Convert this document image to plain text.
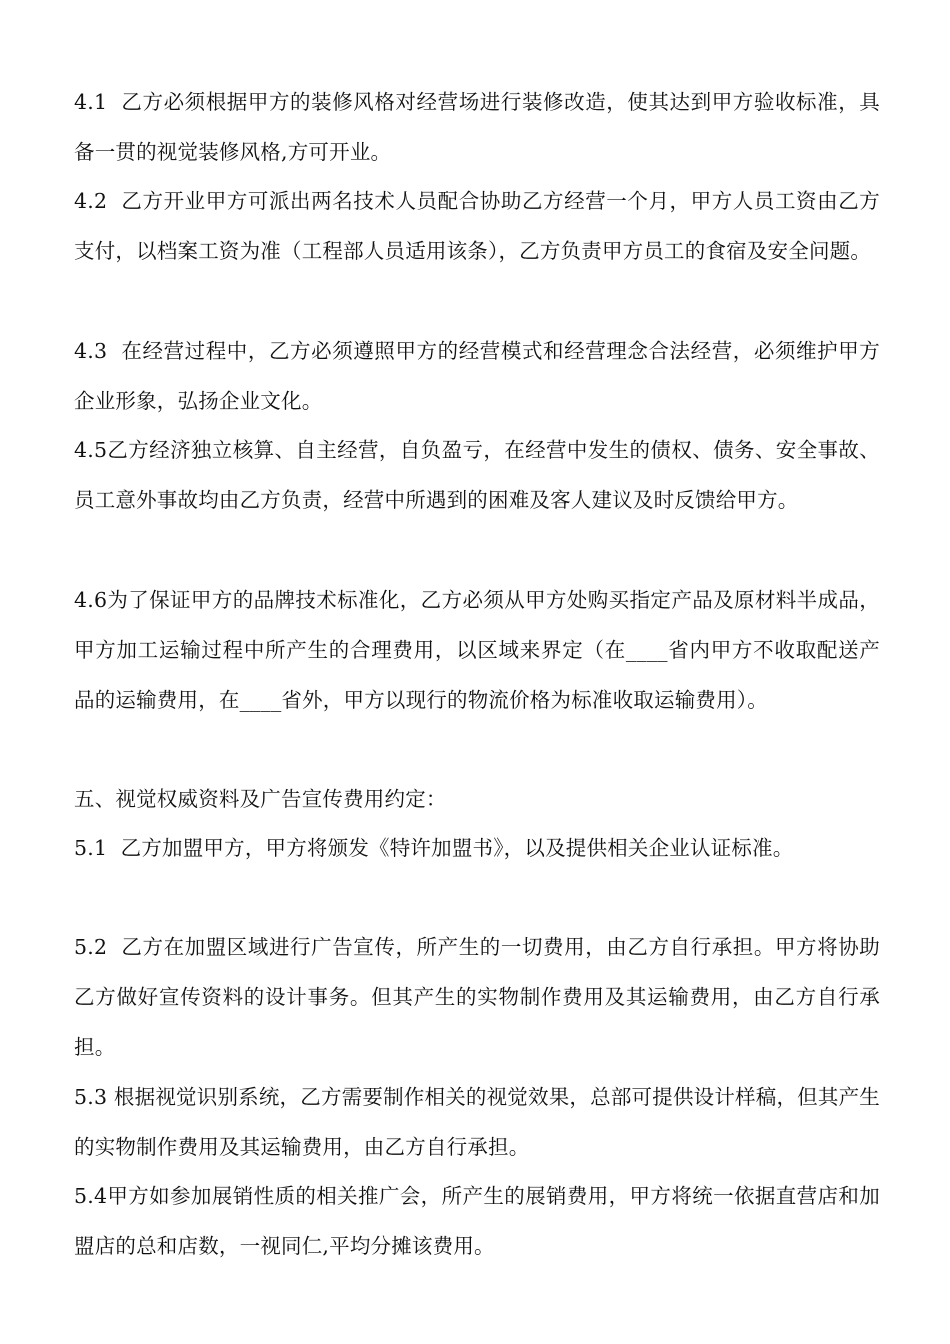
4.1  乙方必须根据甲方的装修风格对经营场进行装修改造，使其达到甲方验收标准，具备一贯的视觉装修风格,方可开业。

4.2  乙方开业甲方可派出两名技术人员配合协助乙方经营一个月，甲方人员工资由乙方支付，以档案工资为准（工程部人员适用该条），乙方负责甲方员工的食宿及安全问题。

4.3  在经营过程中，乙方必须遵照甲方的经营模式和经营理念合法经营，必须维护甲方企业形象，弘扬企业文化。

4.5乙方经济独立核算、自主经营，自负盈亏，在经营中发生的债权、债务、安全事故、员工意外事故均由乙方负责，经营中所遇到的困难及客人建议及时反馈给甲方。

4.6为了保证甲方的品牌技术标准化，乙方必须从甲方处购买指定产品及原材料半成品，甲方加工运输过程中所产生的合理费用，以区域来界定（在____省内甲方不收取配送产品的运输费用，在____省外，甲方以现行的物流价格为标准收取运输费用）。

五、视觉权威资料及广告宣传费用约定：

5.1  乙方加盟甲方，甲方将颁发《特许加盟书》，以及提供相关企业认证标准。

5.2  乙方在加盟区域进行广告宣传，所产生的一切费用，由乙方自行承担。甲方将协助乙方做好宣传资料的设计事务。但其产生的实物制作费用及其运输费用，由乙方自行承担。

5.3 根据视觉识别系统，乙方需要制作相关的视觉效果，总部可提供设计样稿，但其产生的实物制作费用及其运输费用，由乙方自行承担。

5.4甲方如参加展销性质的相关推广会，所产生的展销费用，甲方将统一依据直营店和加盟店的总和店数，一视同仁,平均分摊该费用。
